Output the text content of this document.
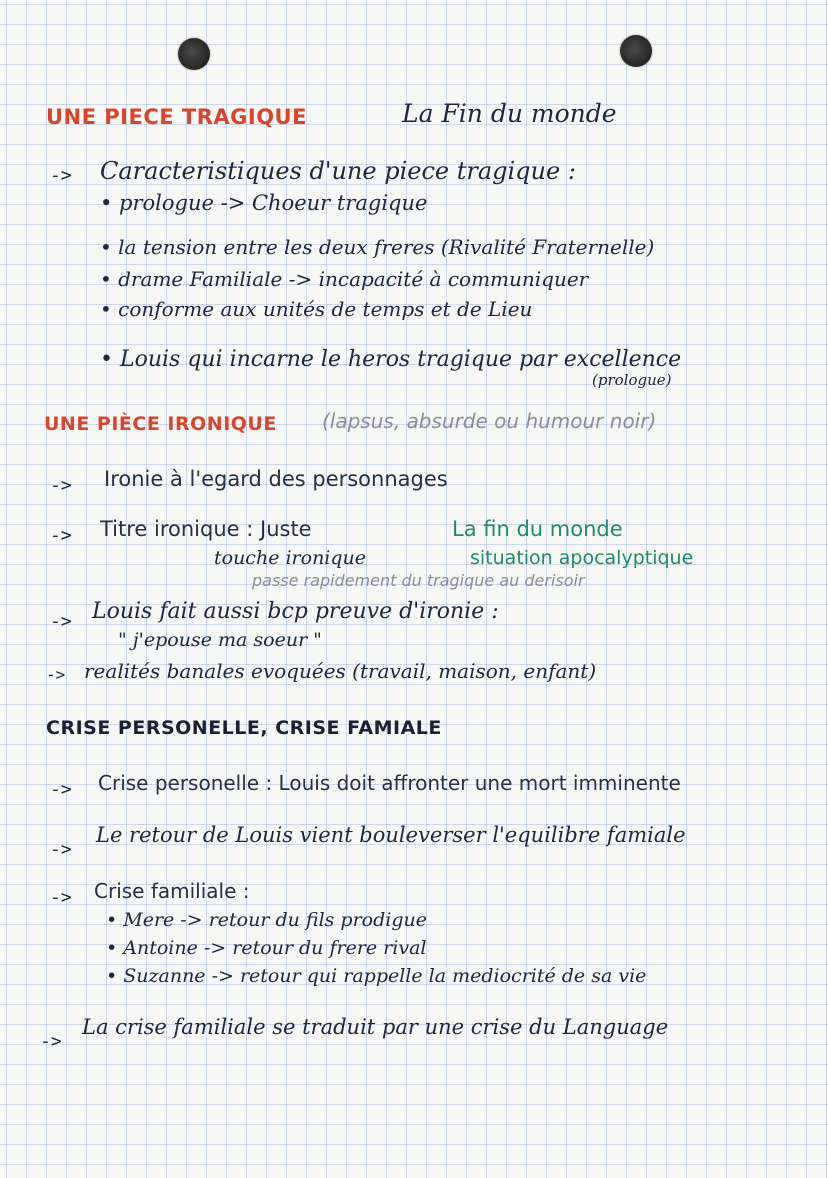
UNE PIECE TRAGIQUE	La Fin du monde
-> Caracteristiques d'une piece tragique :
• prologue -> Choeur tragique
• la tension entre les deux freres (Rivalité Fraternelle)
• drame Familiale -> incapacité à communiquer
• conforme aux unités de temps et de Lieu
• Louis qui incarne le heros tragique par excellence
(prologue)
UNE PIÈCE IRONIQUE (lapsus, absurde ou humour noir)
-> Ironie à l'egard des personnages
-> Titre ironique : Juste	La fin du monde
touche ironique	situation apocalyptique
passe rapidement du tragique au derisoir
-> Louis fait aussi bcp preuve d'ironie :
" j'epouse ma soeur "
-> realités banales evoquées (travail, maison, enfant)
CRISE PERSONELLE, CRISE FAMIALE
-> Crise personelle : Louis doit affronter une mort imminente
->
Le retour de Louis vient bouleverser l'equilibre famiale
-> Crise familiale :
• Mere -> retour du fils prodigue
• Antoine -> retour du frere rival
• Suzanne -> retour qui rappelle la mediocrité de sa vie
->
La crise familiale se traduit par une crise du Language
